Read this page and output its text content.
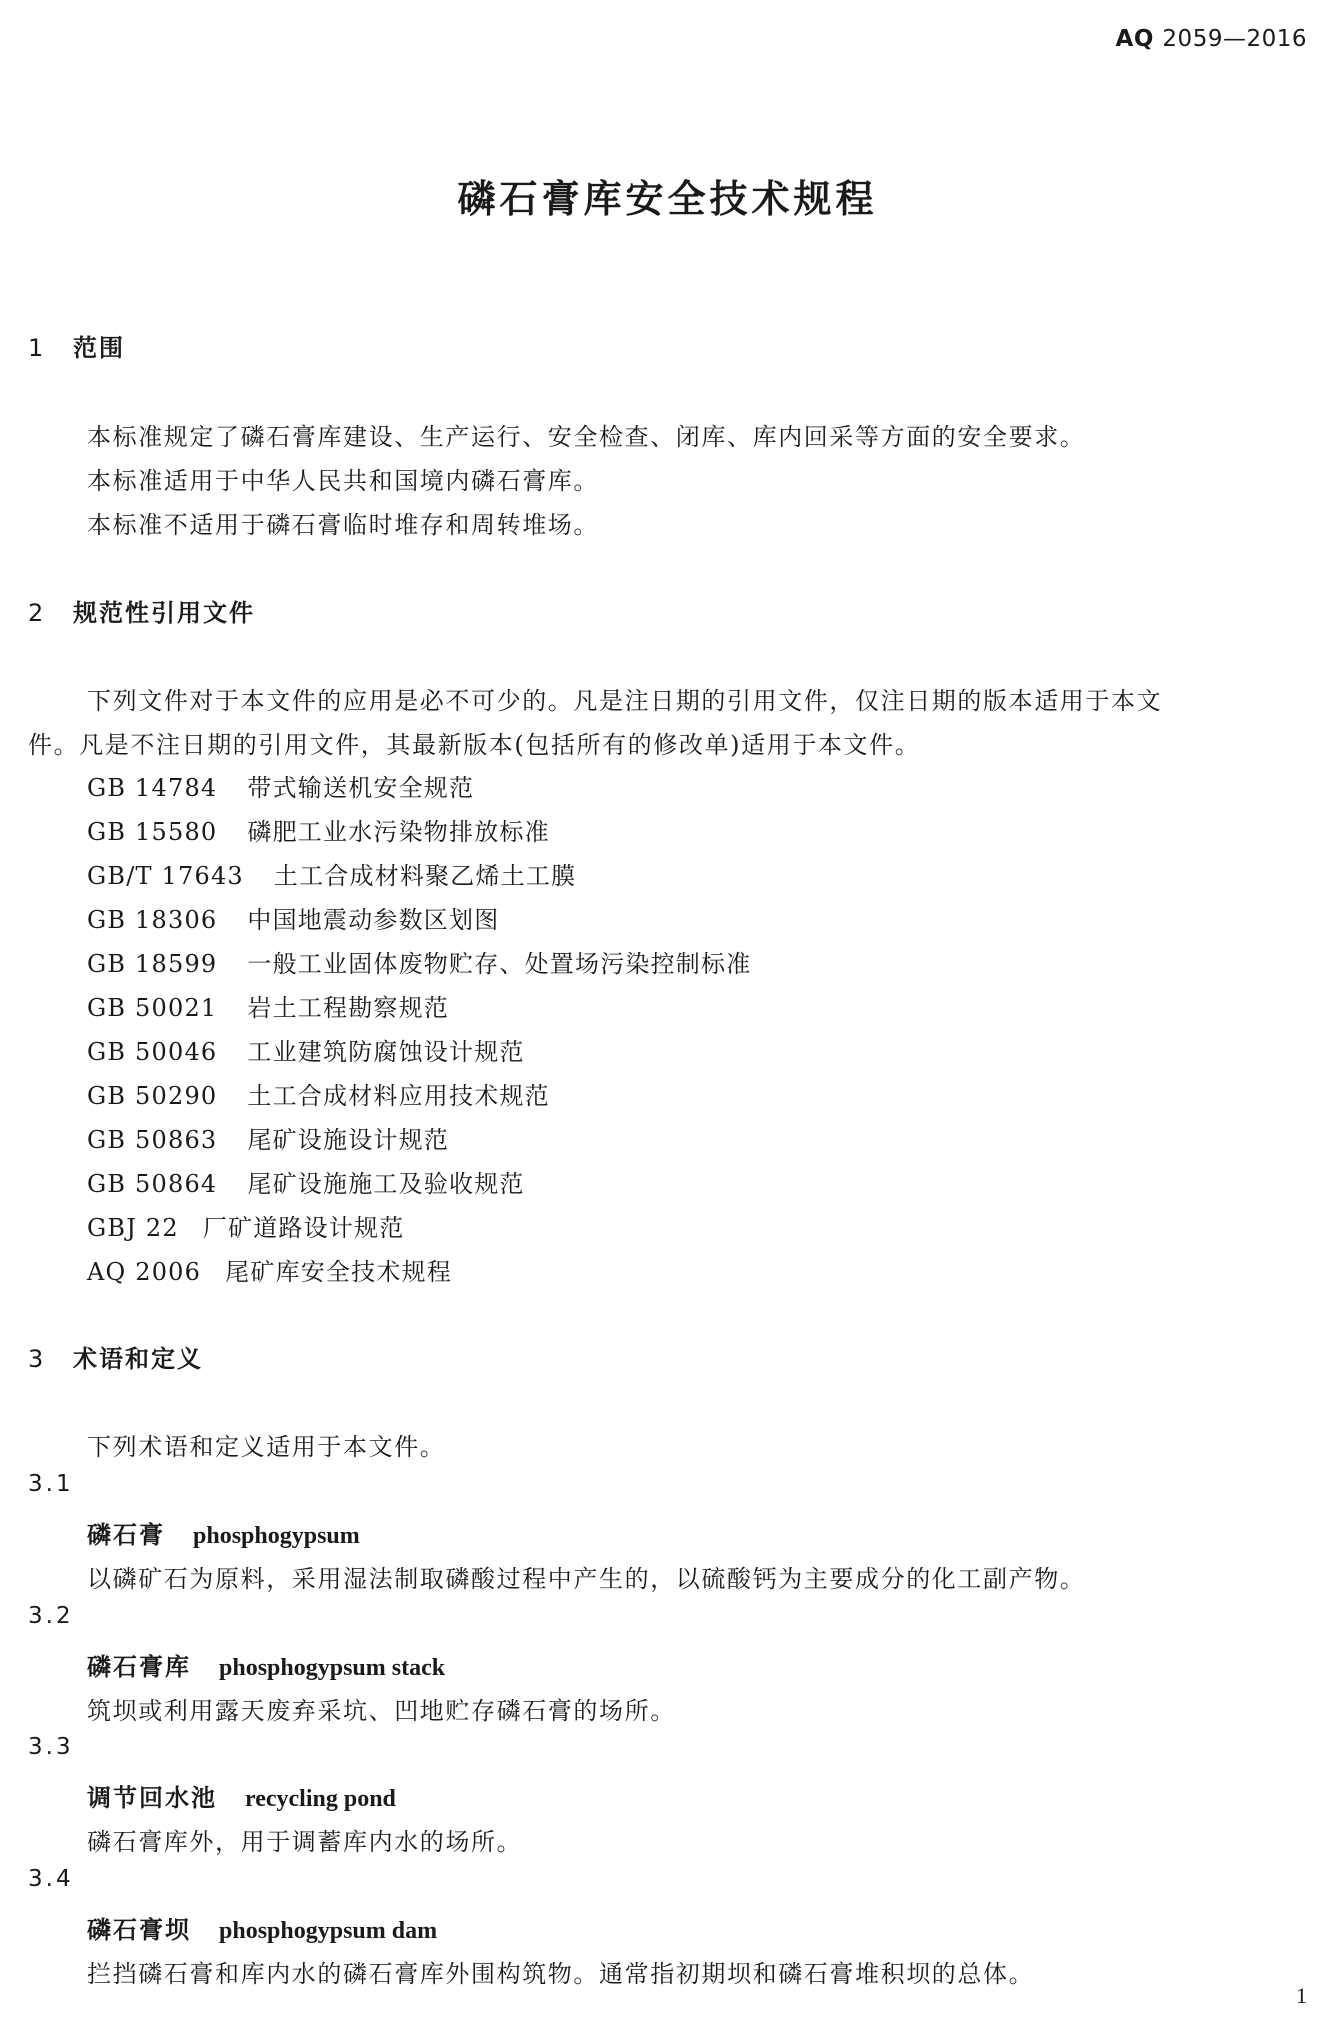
AQ 2059—2016
磷石膏库安全技术规程
1 范围
本标准规定了磷石膏库建设、生产运行、安全检查、闭库、库内回采等方面的安全要求。
本标准适用于中华人民共和国境内磷石膏库。
本标准不适用于磷石膏临时堆存和周转堆场。
2 规范性引用文件
下列文件对于本文件的应用是必不可少的。凡是注日期的引用文件，仅注日期的版本适用于本文
件。凡是不注日期的引用文件，其最新版本(包括所有的修改单)适用于本文件。
GB 14784 带式输送机安全规范
GB 15580 磷肥工业水污染物排放标准
GB/T 17643 土工合成材料聚乙烯土工膜
GB 18306 中国地震动参数区划图
GB 18599 一般工业固体废物贮存、处置场污染控制标准
GB 50021 岩土工程勘察规范
GB 50046 工业建筑防腐蚀设计规范
GB 50290 土工合成材料应用技术规范
GB 50863 尾矿设施设计规范
GB 50864 尾矿设施施工及验收规范
GBJ 22 厂矿道路设计规范
AQ 2006 尾矿库安全技术规程
3 术语和定义
下列术语和定义适用于本文件。
3.1
磷石膏 phosphogypsum
以磷矿石为原料，采用湿法制取磷酸过程中产生的，以硫酸钙为主要成分的化工副产物。
3.2
磷石膏库 phosphogypsum stack
筑坝或利用露天废弃采坑、凹地贮存磷石膏的场所。
3.3
调节回水池 recycling pond
磷石膏库外，用于调蓄库内水的场所。
3.4
磷石膏坝 phosphogypsum dam
拦挡磷石膏和库内水的磷石膏库外围构筑物。通常指初期坝和磷石膏堆积坝的总体。
1
